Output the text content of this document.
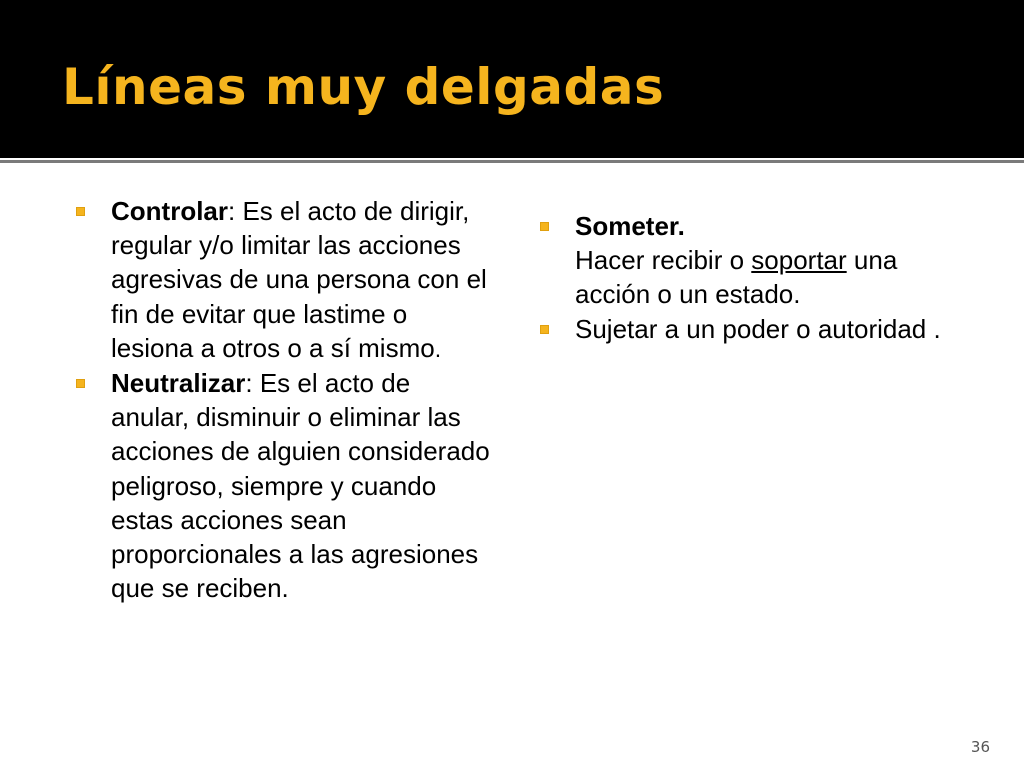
Líneas muy delgadas
Controlar: Es el acto de dirigir, regular y/o limitar las acciones agresivas de una persona con el fin de evitar que lastime o lesiona a otros o a sí mismo.
Neutralizar: Es el acto de anular, disminuir o eliminar las acciones de alguien considerado peligroso, siempre y cuando estas acciones sean proporcionales a las agresiones que se reciben.
Someter.
Hacer recibir o soportar una acción o un estado.
Sujetar a un poder o autoridad .
36
